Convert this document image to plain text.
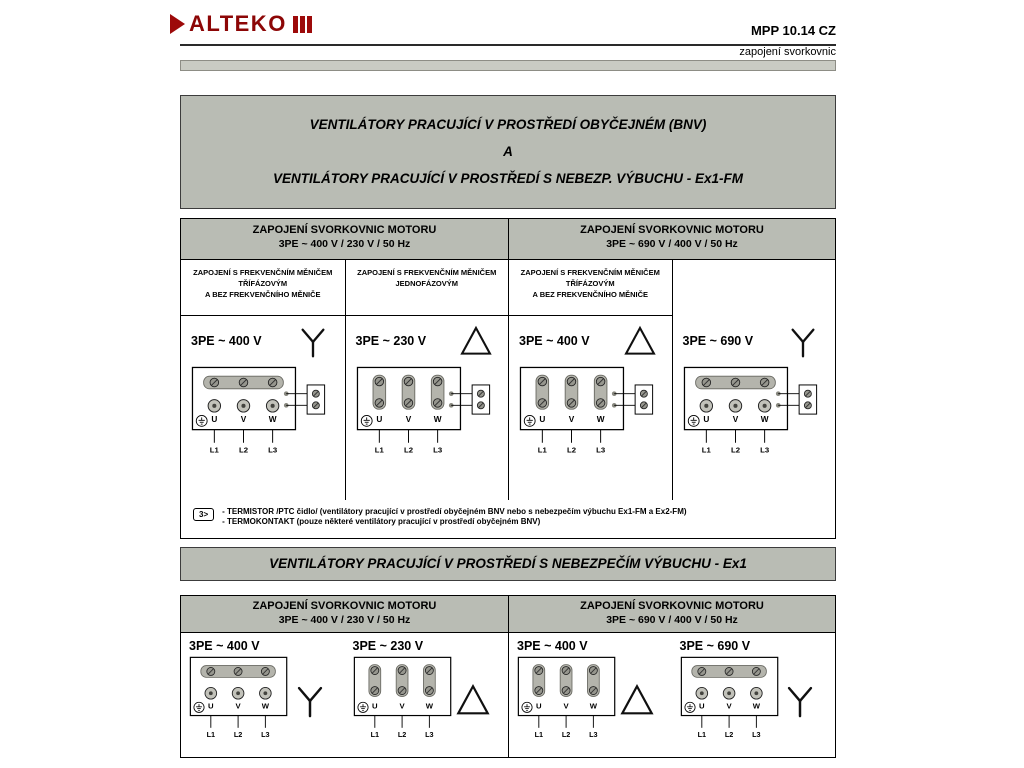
ALTEKO	MPP 10.14 CZ
zapojení svorkovnic
VENTILÁTORY PRACUJÍCÍ V PROSTŘEDÍ OBYČEJNÉM (BNV)
A
VENTILÁTORY PRACUJÍCÍ V PROSTŘEDÍ S NEBEZP. VÝBUCHU - Ex1-FM
ZAPOJENÍ SVORKOVNIC MOTORU
3PE ~ 400 V / 230 V / 50 Hz
ZAPOJENÍ SVORKOVNIC MOTORU
3PE ~ 690 V / 400 V / 50 Hz
ZAPOJENÍ S FREKVENČNÍM MĚNIČEM
TŘÍFÁZOVÝM
A BEZ FREKVENČNÍHO MĚNIČE
3PE ~ 400 V
U	V	W
L1	L2	L3
ZAPOJENÍ S FREKVENČNÍM MĚNIČEM
JEDNOFÁZOVÝM
3PE ~ 230 V
U	V	W
L1	L2	L3
ZAPOJENÍ S FREKVENČNÍM MĚNIČEM
TŘÍFÁZOVÝM
A BEZ FREKVENČNÍHO MĚNIČE
3PE ~ 400 V
U	V	W
L1	L2	L3
3PE ~ 690 V
U	V	W
L1	L2	L3
3>	- TERMISTOR /PTC čidlo/ (ventilátory pracující v prostředí obyčejném BNV nebo s nebezpečím výbuchu Ex1-FM a Ex2-FM)
- TERMOKONTAKT (pouze některé ventilátory pracující v prostředí obyčejném BNV)
VENTILÁTORY PRACUJÍCÍ V PROSTŘEDÍ S NEBEZPEČÍM VÝBUCHU - Ex1
ZAPOJENÍ SVORKOVNIC MOTORU
3PE ~ 400 V / 230 V / 50 Hz
ZAPOJENÍ SVORKOVNIC MOTORU
3PE ~ 690 V / 400 V / 50 Hz
3PE ~ 400 V
U	V W
L1 L2 L3
3PE ~ 230 V
U	V W
L1 L2 L3
3PE ~ 400 V
U	V W
L1 L2 L3
3PE ~ 690 V
U	V W
L1 L2 L3
